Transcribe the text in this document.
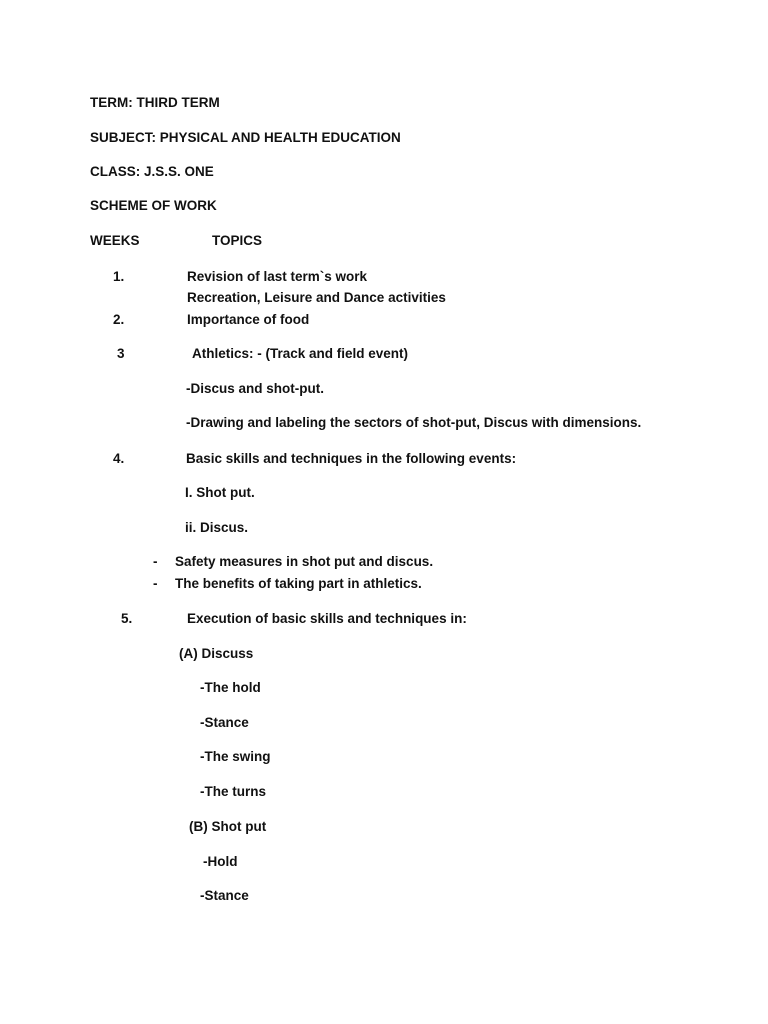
TERM: THIRD TERM
SUBJECT: PHYSICAL AND HEALTH EDUCATION
CLASS: J.S.S. ONE
SCHEME OF WORK
WEEKS	TOPICS
1.	Revision of last term`s work
Recreation, Leisure and Dance activities
2.	Importance of food
3	Athletics: - (Track and field event)
-Discus and shot-put.
-Drawing and labeling the sectors of shot-put, Discus with dimensions.
4.	Basic skills and techniques in the following events:
I. Shot put.
ii. Discus.
- Safety measures in shot put and discus.
- The benefits of taking part in athletics.
5.	Execution of basic skills and techniques in:
(A) Discuss
-The hold
-Stance
-The swing
-The turns
(B) Shot put
-Hold
-Stance
